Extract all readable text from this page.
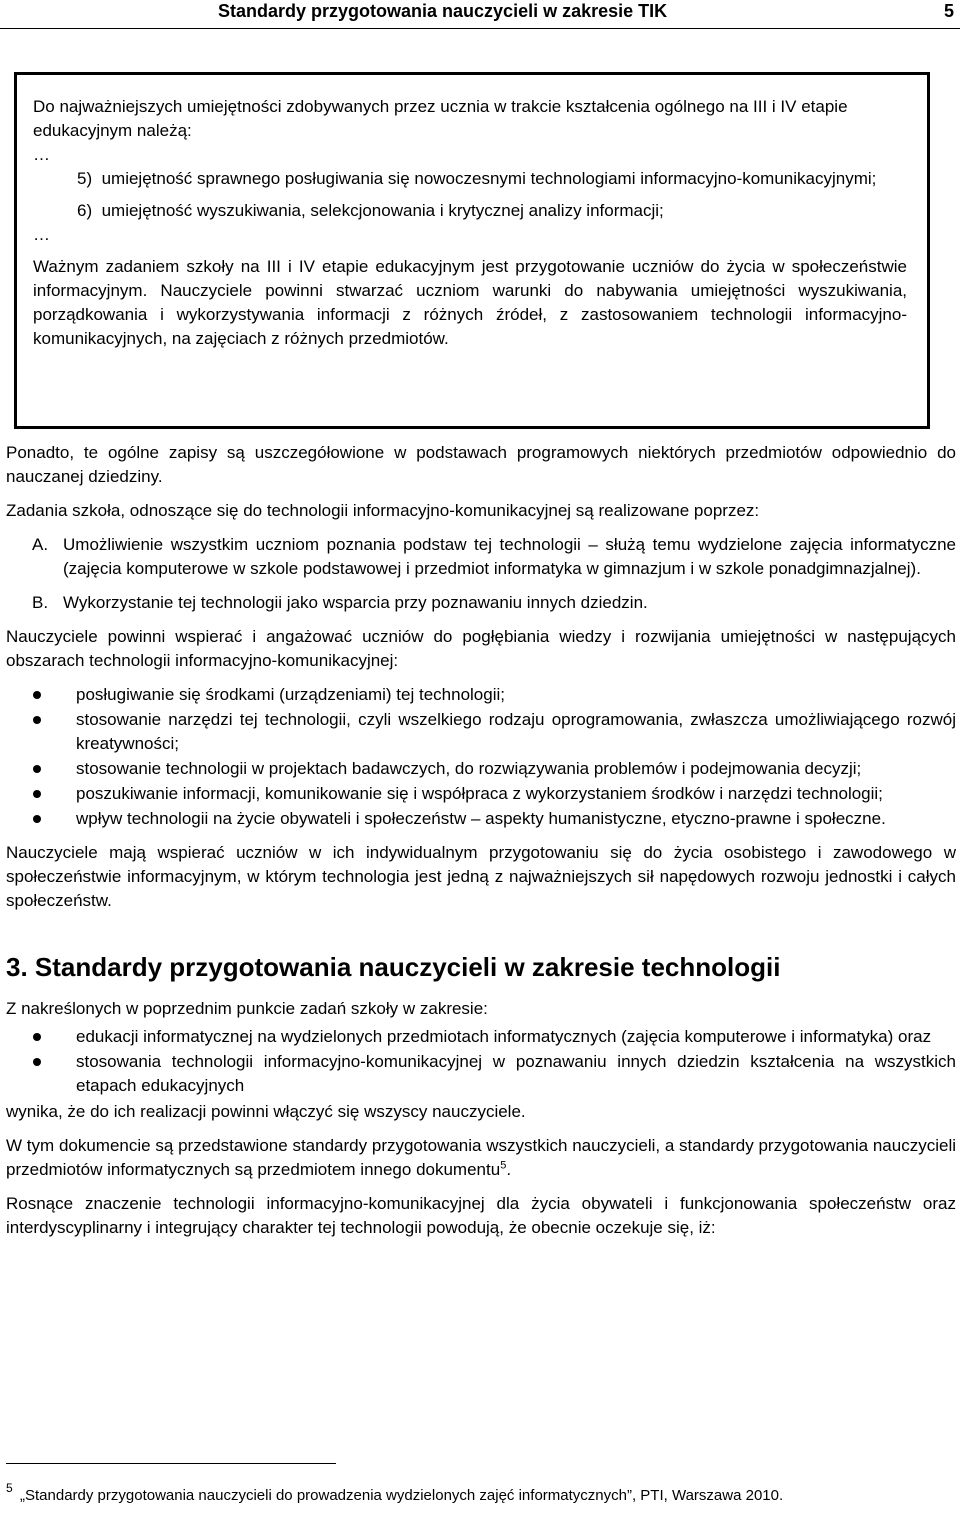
Standardy przygotowania nauczycieli w zakresie TIK	5

Do najważniejszych umiejętności zdobywanych przez ucznia w trakcie kształcenia ogólnego na III i IV etapie edukacyjnym należą:

…

5) umiejętność sprawnego posługiwania się nowoczesnymi technologiami informacyjno-komunikacyjnymi;
6) umiejętność wyszukiwania, selekcjonowania i krytycznej analizy informacji;

…

Ważnym zadaniem szkoły na III i IV etapie edukacyjnym jest przygotowanie uczniów do życia w społeczeństwie informacyjnym. Nauczyciele powinni stwarzać uczniom warunki do nabywania umiejętności wyszukiwania, porządkowania i wykorzystywania informacji z różnych źródeł, z zastosowaniem technologii informacyjno-komunikacyjnych, na zajęciach z różnych przedmiotów.

Ponadto, te ogólne zapisy są uszczegółowione w podstawach programowych niektórych przedmiotów odpowiednio do nauczanej dziedziny.

Zadania szkoła, odnoszące się do technologii informacyjno-komunikacyjnej są realizowane poprzez:

A. Umożliwienie wszystkim uczniom poznania podstaw tej technologii – służą temu wydzielone zajęcia informatyczne (zajęcia komputerowe w szkole podstawowej i przedmiot informatyka w gimnazjum i w szkole ponadgimnazjalnej).
B. Wykorzystanie tej technologii jako wsparcia przy poznawaniu innych dziedzin.

Nauczyciele powinni wspierać i angażować uczniów do pogłębiania wiedzy i rozwijania umiejętności w następujących obszarach technologii informacyjno-komunikacyjnej:

posługiwanie się środkami (urządzeniami) tej technologii;
stosowanie narzędzi tej technologii, czyli wszelkiego rodzaju oprogramowania, zwłaszcza umożliwiającego rozwój kreatywności;
stosowanie technologii w projektach badawczych, do rozwiązywania problemów i podejmowania decyzji;
poszukiwanie informacji, komunikowanie się i współpraca z wykorzystaniem środków i narzędzi technologii;
wpływ technologii na życie obywateli i społeczeństw – aspekty humanistyczne, etyczno-prawne i społeczne.

Nauczyciele mają wspierać uczniów w ich indywidualnym przygotowaniu się do życia osobistego i zawodowego w społeczeństwie informacyjnym, w którym technologia jest jedną z najważniejszych sił napędowych rozwoju jednostki i całych społeczeństw.

3. Standardy przygotowania nauczycieli w zakresie technologii

Z nakreślonych w poprzednim punkcie zadań szkoły w zakresie:

edukacji informatycznej na wydzielonych przedmiotach informatycznych (zajęcia komputerowe i informatyka) oraz
stosowania technologii informacyjno-komunikacyjnej w poznawaniu innych dziedzin kształcenia na wszystkich etapach edukacyjnych

wynika, że do ich realizacji powinni włączyć się wszyscy nauczyciele.

W tym dokumencie są przedstawione standardy przygotowania wszystkich nauczycieli, a standardy przygotowania nauczycieli przedmiotów informatycznych są przedmiotem innego dokumentu$^5$.

Rosnące znaczenie technologii informacyjno-komunikacyjnej dla życia obywateli i funkcjonowania społeczeństw oraz interdyscyplinarny i integrujący charakter tej technologii powodują, że obecnie oczekuje się, iż:

5 „Standardy przygotowania nauczycieli do prowadzenia wydzielonych zajęć informatycznych”, PTI, Warszawa 2010.
